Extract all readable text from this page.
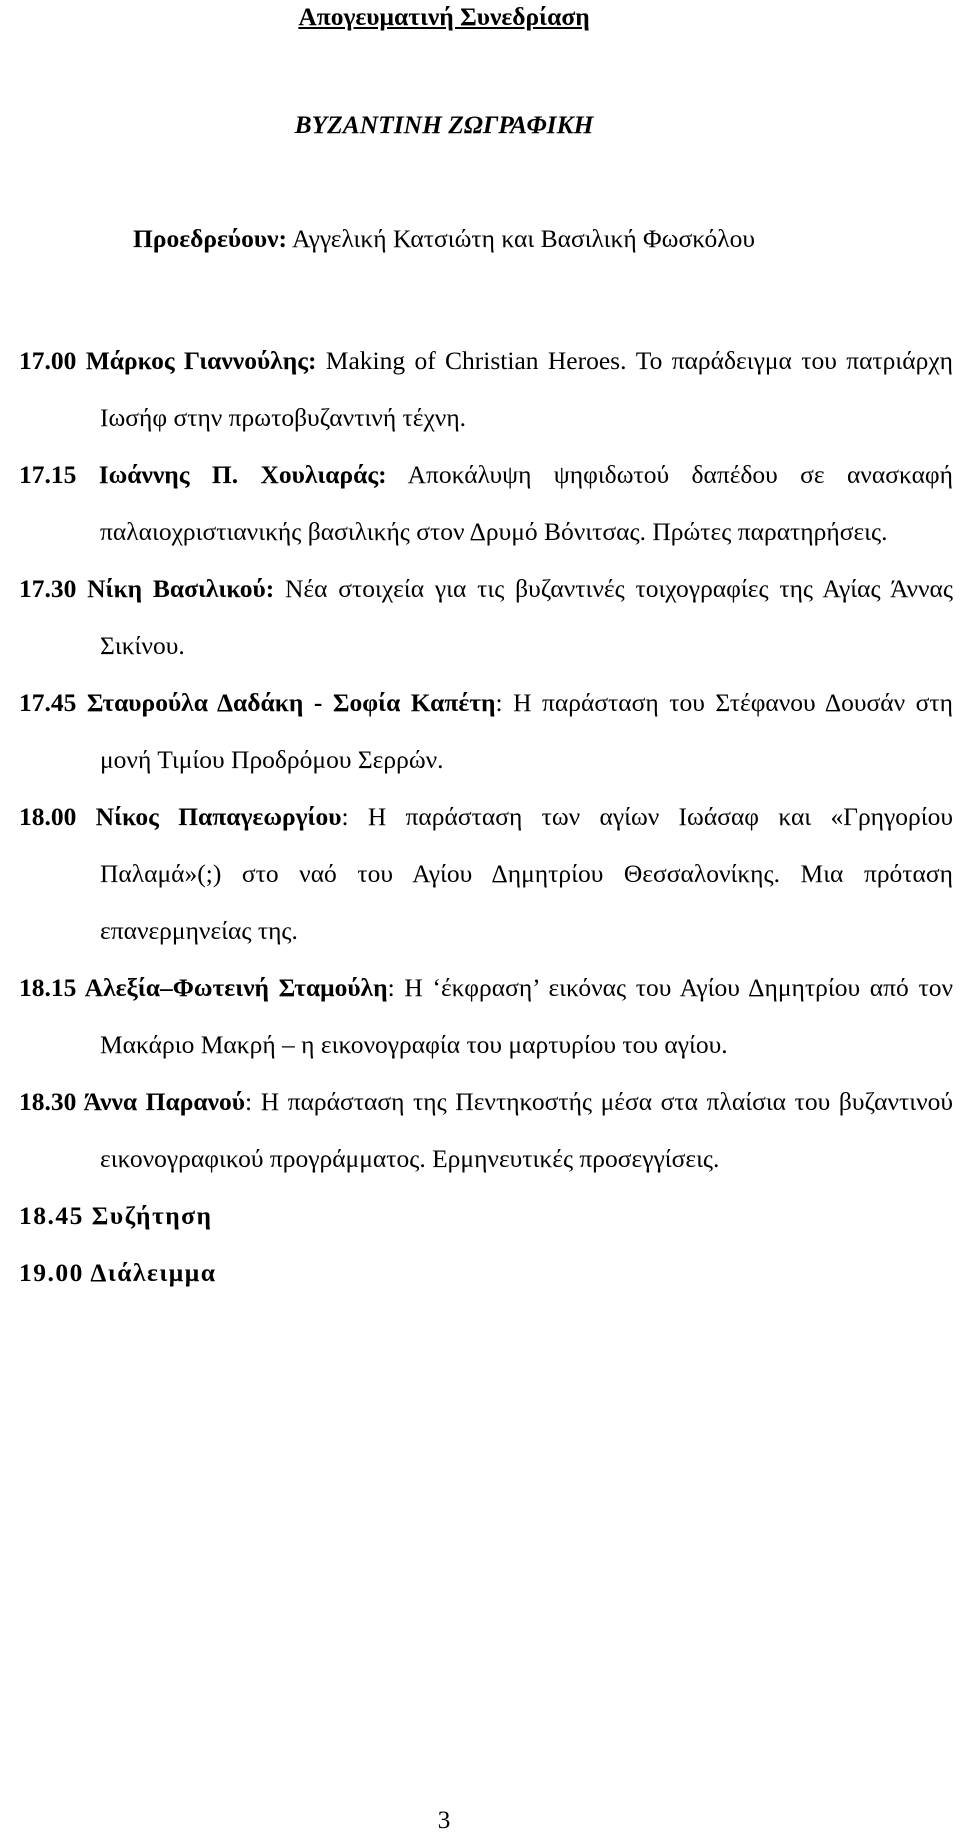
Απογευματινή Συνεδρίαση
ΒΥΖΑΝΤΙΝΗ ΖΩΓΡΑΦΙΚΗ
Προεδρεύουν: Αγγελική Κατσιώτη και Βασιλική Φωσκόλου

17.00 Μάρκος Γιαννούλης: Making of Christian Heroes. Το παράδειγμα του πατριάρχη Ιωσήφ στην πρωτοβυζαντινή τέχνη.

17.15 Ιωάννης Π. Χουλιαράς: Αποκάλυψη ψηφιδωτού δαπέδου σε ανασκαφή παλαιοχριστιανικής βασιλικής στον Δρυμό Βόνιτσας. Πρώτες παρατηρήσεις.

17.30 Νίκη Βασιλικού: Νέα στοιχεία για τις βυζαντινές τοιχογραφίες της Αγίας Άννας Σικίνου.

17.45 Σταυρούλα Δαδάκη - Σοφία Καπέτη: Η παράσταση του Στέφανου Δουσάν στη μονή Τιμίου Προδρόμου Σερρών.

18.00 Νίκος Παπαγεωργίου: Η παράσταση των αγίων Ιωάσαφ και «Γρηγορίου Παλαμά»(;) στο ναό του Αγίου Δημητρίου Θεσσαλονίκης. Μια πρόταση επανερμηνείας της.

18.15 Αλεξία–Φωτεινή Σταμούλη: Η ‘έκφραση’ εικόνας του Αγίου Δημητρίου από τον Μακάριο Μακρή – η εικονογραφία του μαρτυρίου του αγίου.

18.30 Άννα Παρανού: Η παράσταση της Πεντηκοστής μέσα στα πλαίσια του βυζαντινού εικονογραφικού προγράμματος. Ερμηνευτικές προσεγγίσεις.

18.45 Συζήτηση

19.00 Διάλειμμα

3
